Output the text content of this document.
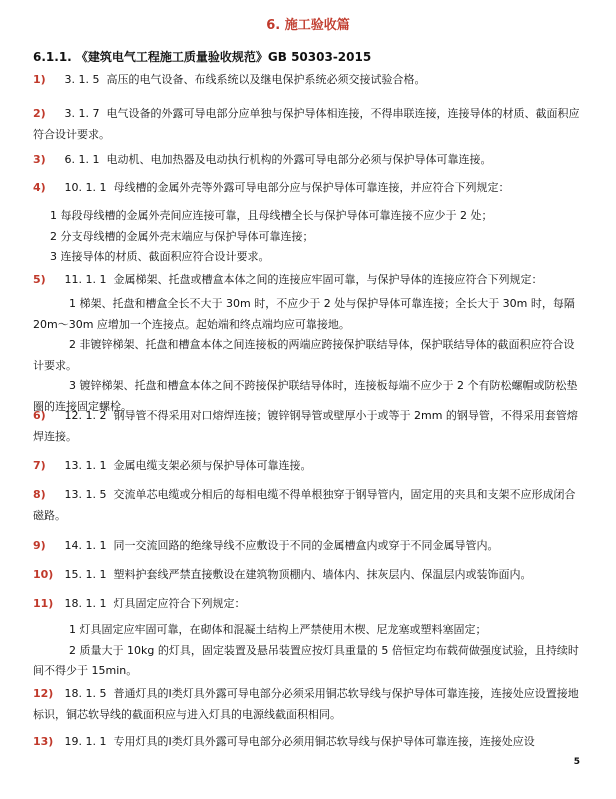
6. 施工验收篇
6.1.1. 《建筑电气工程施工质量验收规范》GB 50303-2015
1) 3. 1. 5 高压的电气设备、布线系统以及继电保护系统必须交接试验合格。
2) 3. 1. 7 电气设备的外露可导电部分应单独与保护导体相连接，不得串联连接，连接导体的材质、截面积应符合设计要求。
3) 6. 1. 1 电动机、电加热器及电动执行机构的外露可导电部分必须与保护导体可靠连接。
4) 10. 1. 1 母线槽的金属外壳等外露可导电部分应与保护导体可靠连接，并应符合下列规定：
1 每段母线槽的金属外壳间应连接可靠，且母线槽全长与保护导体可靠连接不应少于 2 处；
2 分支母线槽的金属外壳末端应与保护导体可靠连接；
3 连接导体的材质、截面积应符合设计要求。
5) 11. 1. 1 金属梯架、托盘或槽盒本体之间的连接应牢固可靠，与保护导体的连接应符合下列规定：
1 梯架、托盘和槽盒全长不大于 30m 时，不应少于 2 处与保护导体可靠连接；全长大于 30m 时，每隔 20m～30m 应增加一个连接点。起始端和终点端均应可靠接地。
2 非镀锌梯架、托盘和槽盒本体之间连接板的两端应跨接保护联结导体，保护联结导体的截面积应符合设计要求。
3 镀锌梯架、托盘和槽盒本体之间不跨接保护联结导体时，连接板每端不应少于 2 个有防松螺帽或防松垫圈的连接固定螺栓。
6) 12. 1. 2 钢导管不得采用对口熔焊连接；镀锌钢导管或壁厚小于或等于 2mm 的钢导管，不得采用套管熔焊连接。
7) 13. 1. 1 金属电缆支架必须与保护导体可靠连接。
8) 13. 1. 5 交流单芯电缆或分相后的每相电缆不得单根独穿于钢导管内，固定用的夹具和支架不应形成闭合磁路。
9) 14. 1. 1 同一交流回路的绝缘导线不应敷设于不同的金属槽盒内或穿于不同金属导管内。
10) 15. 1. 1 塑料护套线严禁直接敷设在建筑物顶棚内、墙体内、抹灰层内、保温层内或装饰面内。
11) 18. 1. 1 灯具固定应符合下列规定：
1 灯具固定应牢固可靠，在砌体和混凝土结构上严禁使用木楔、尼龙塞或塑料塞固定；
2 质量大于 10kg 的灯具，固定装置及悬吊装置应按灯具重量的 5 倍恒定均布载荷做强度试验，且持续时间不得少于 15min。
12) 18. 1. 5 普通灯具的Ⅰ类灯具外露可导电部分必须采用铜芯软导线与保护导体可靠连接，连接处应设置接地标识，铜芯软导线的截面积应与进入灯具的电源线截面积相同。
13) 19. 1. 1 专用灯具的Ⅰ类灯具外露可导电部分必须用铜芯软导线与保护导体可靠连接，连接处应设
5
